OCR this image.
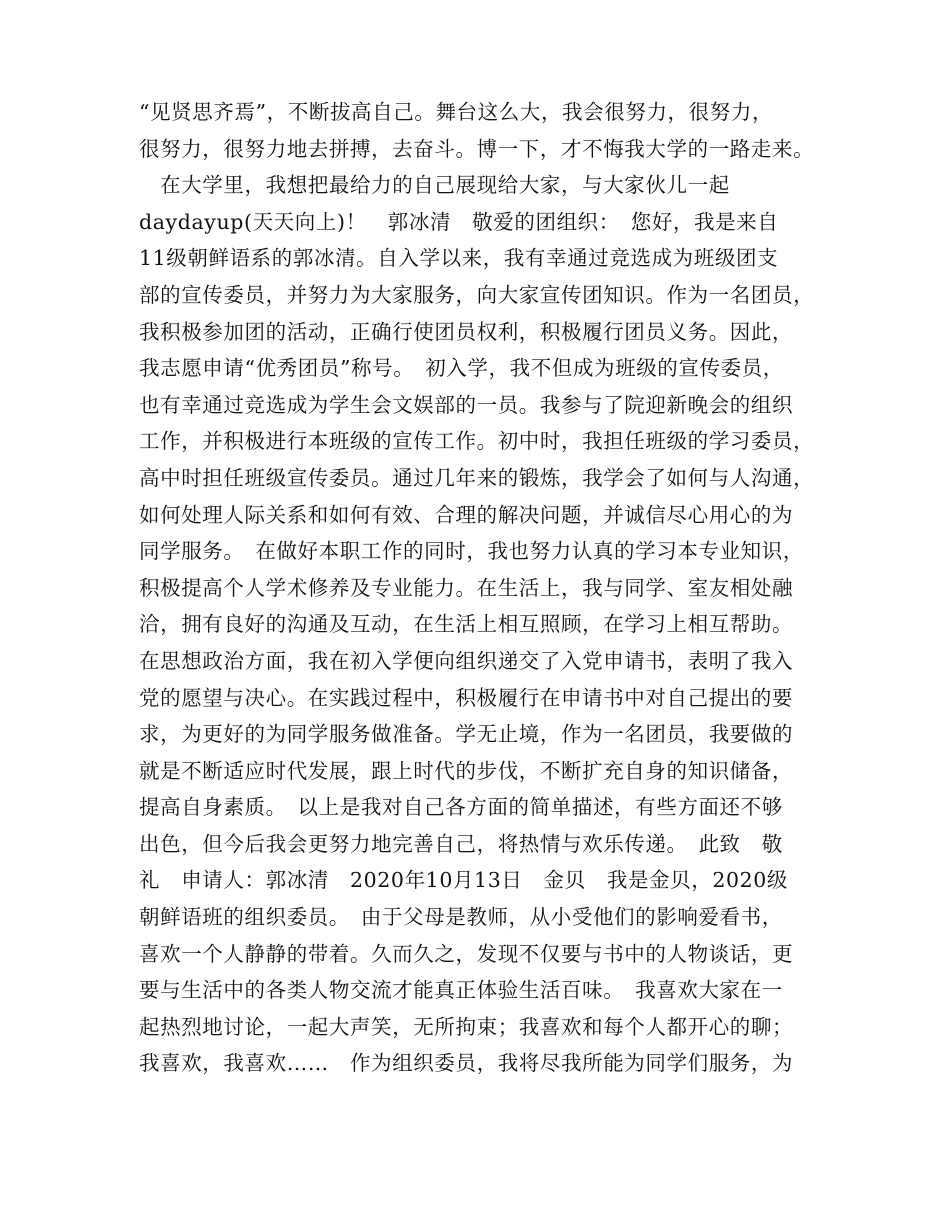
“见贤思齐焉”，不断拔高自己。舞台这么大，我会很努力，很努力，
很努力，很努力地去拼搏，去奋斗。博一下，才不悔我大学的一路走来。
　在大学里，我想把最给力的自己展现给大家，与大家伙儿一起
daydayup(天天向上)！　郭冰清　敬爱的团组织：　您好，我是来自
11级朝鲜语系的郭冰清。自入学以来，我有幸通过竞选成为班级团支
部的宣传委员，并努力为大家服务，向大家宣传团知识。作为一名团员，
我积极参加团的活动，正确行使团员权利，积极履行团员义务。因此，
我志愿申请“优秀团员”称号。　初入学，我不但成为班级的宣传委员，
也有幸通过竞选成为学生会文娱部的一员。我参与了院迎新晚会的组织
工作，并积极进行本班级的宣传工作。初中时，我担任班级的学习委员，
高中时担任班级宣传委员。通过几年来的锻炼，我学会了如何与人沟通，
如何处理人际关系和如何有效、合理的解决问题，并诚信尽心用心的为
同学服务。　在做好本职工作的同时，我也努力认真的学习本专业知识，
积极提高个人学术修养及专业能力。在生活上，我与同学、室友相处融
洽，拥有良好的沟通及互动，在生活上相互照顾，在学习上相互帮助。
在思想政治方面，我在初入学便向组织递交了入党申请书，表明了我入
党的愿望与决心。在实践过程中，积极履行在申请书中对自己提出的要
求，为更好的为同学服务做准备。学无止境，作为一名团员，我要做的
就是不断适应时代发展，跟上时代的步伐，不断扩充自身的知识储备，
提高自身素质。　以上是我对自己各方面的简单描述，有些方面还不够
出色，但今后我会更努力地完善自己，将热情与欢乐传递。　此致　敬
礼　申请人：郭冰清　2020年10月13日　金贝　我是金贝，2020级
朝鲜语班的组织委员。　由于父母是教师，从小受他们的影响爱看书，
喜欢一个人静静的带着。久而久之，发现不仅要与书中的人物谈话，更
要与生活中的各类人物交流才能真正体验生活百味。　我喜欢大家在一
起热烈地讨论，一起大声笑，无所拘束；我喜欢和每个人都开心的聊；
我喜欢，我喜欢……　作为组织委员，我将尽我所能为同学们服务，为
